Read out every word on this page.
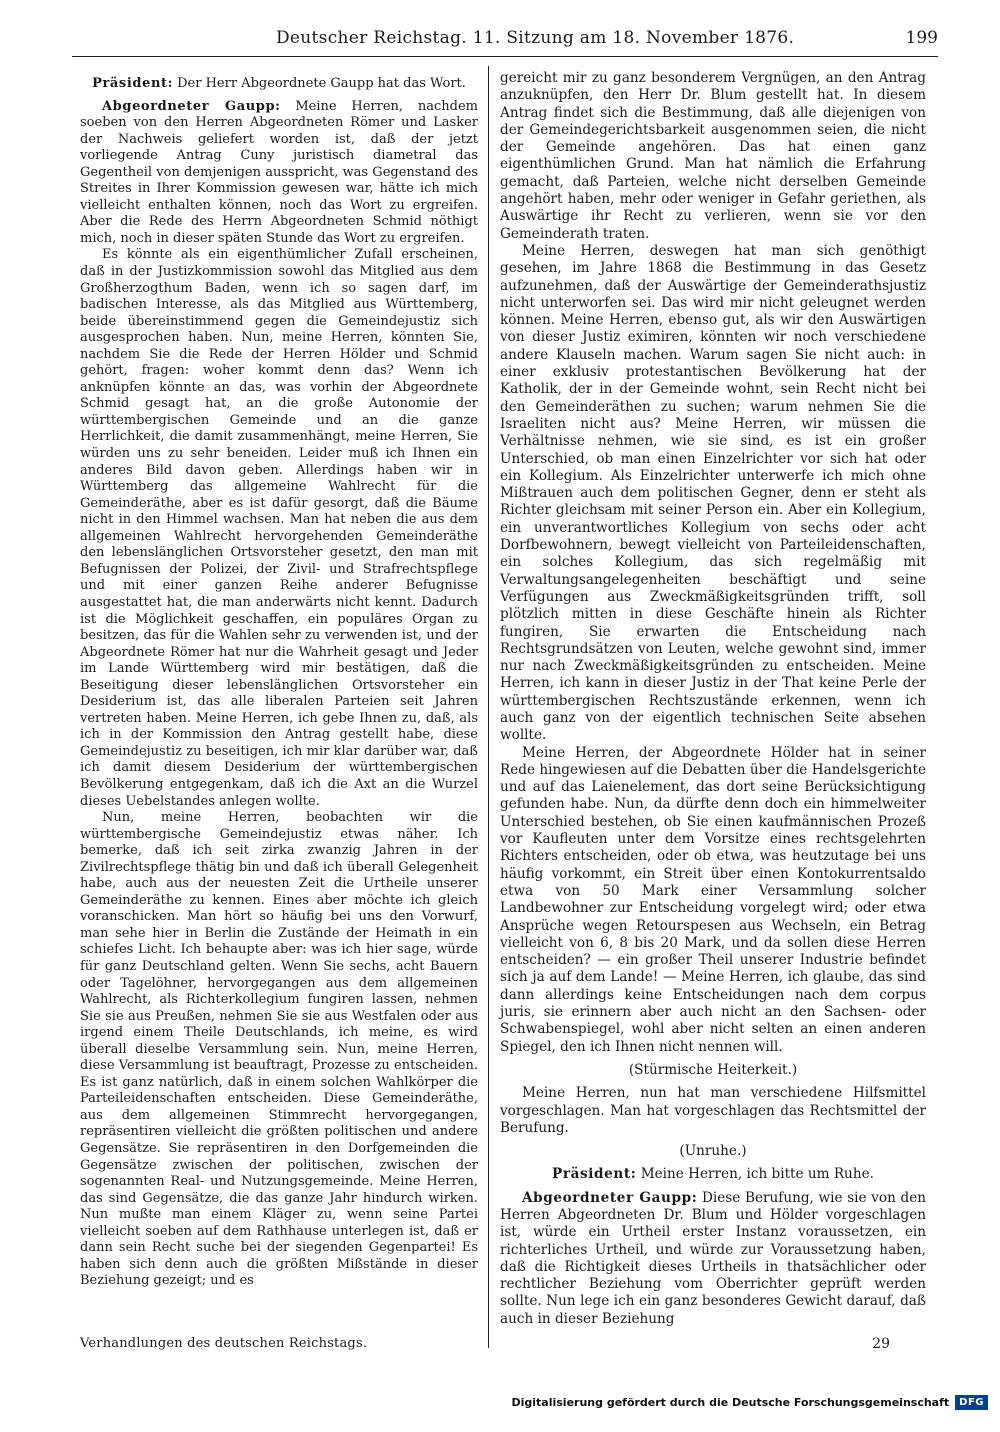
Deutscher Reichstag. 11. Sitzung am 18. November 1876.	199

Präsident: Der Herr Abgeordnete Gaupp hat das Wort.

Abgeordneter Gaupp: Meine Herren, nachdem soeben von den Herren Abgeordneten Römer und Lasker der Nachweis geliefert worden ist, daß der jetzt vorliegende Antrag Cuny juristisch diametral das Gegentheil von demjenigen ausspricht, was Gegenstand des Streites in Ihrer Kommission gewesen war, hätte ich mich vielleicht enthalten können, noch das Wort zu ergreifen. Aber die Rede des Herrn Abgeordneten Schmid nöthigt mich, noch in dieser späten Stunde das Wort zu ergreifen.

Es könnte als ein eigenthümlicher Zufall erscheinen, daß in der Justizkommission sowohl das Mitglied aus dem Großherzogthum Baden, wenn ich so sagen darf, im badischen Interesse, als das Mitglied aus Württemberg, beide übereinstimmend gegen die Gemeindejustiz sich ausgesprochen haben. Nun, meine Herren, könnten Sie, nachdem Sie die Rede der Herren Hölder und Schmid gehört, fragen: woher kommt denn das? Wenn ich anknüpfen könnte an das, was vorhin der Abgeordnete Schmid gesagt hat, an die große Autonomie der württembergischen Gemeinde und an die ganze Herrlichkeit, die damit zusammenhängt, meine Herren, Sie würden uns zu sehr beneiden. Leider muß ich Ihnen ein anderes Bild davon geben. Allerdings haben wir in Württemberg das allgemeine Wahlrecht für die Gemeinderäthe, aber es ist dafür gesorgt, daß die Bäume nicht in den Himmel wachsen. Man hat neben die aus dem allgemeinen Wahlrecht hervorgehenden Gemeinderäthe den lebenslänglichen Ortsvorsteher gesetzt, den man mit Befugnissen der Polizei, der Zivil- und Strafrechtspflege und mit einer ganzen Reihe anderer Befugnisse ausgestattet hat, die man anderwärts nicht kennt. Dadurch ist die Möglichkeit geschaffen, ein populäres Organ zu besitzen, das für die Wahlen sehr zu verwenden ist, und der Abgeordnete Römer hat nur die Wahrheit gesagt und Jeder im Lande Württemberg wird mir bestätigen, daß die Beseitigung dieser lebenslänglichen Ortsvorsteher ein Desiderium ist, das alle liberalen Parteien seit Jahren vertreten haben. Meine Herren, ich gebe Ihnen zu, daß, als ich in der Kommission den Antrag gestellt habe, diese Gemeindejustiz zu beseitigen, ich mir klar darüber war, daß ich damit diesem Desiderium der württembergischen Bevölkerung entgegenkam, daß ich die Axt an die Wurzel dieses Uebelstandes anlegen wollte.

Nun, meine Herren, beobachten wir die württembergische Gemeindejustiz etwas näher. Ich bemerke, daß ich seit zirka zwanzig Jahren in der Zivilrechtspflege thätig bin und daß ich überall Gelegenheit habe, auch aus der neuesten Zeit die Urtheile unserer Gemeinderäthe zu kennen. Eines aber möchte ich gleich voranschicken. Man hört so häufig bei uns den Vorwurf, man sehe hier in Berlin die Zustände der Heimath in ein schiefes Licht. Ich behaupte aber: was ich hier sage, würde für ganz Deutschland gelten. Wenn Sie sechs, acht Bauern oder Tagelöhner, hervorgegangen aus dem allgemeinen Wahlrecht, als Richterkollegium fungiren lassen, nehmen Sie sie aus Preußen, nehmen Sie sie aus Westfalen oder aus irgend einem Theile Deutschlands, ich meine, es wird überall dieselbe Versammlung sein. Nun, meine Herren, diese Versammlung ist beauftragt, Prozesse zu entscheiden. Es ist ganz natürlich, daß in einem solchen Wahlkörper die Parteileidenschaften entscheiden. Diese Gemeinderäthe, aus dem allgemeinen Stimmrecht hervorgegangen, repräsentiren vielleicht die größten politischen und andere Gegensätze. Sie repräsentiren in den Dorfgemeinden die Gegensätze zwischen der politischen, zwischen der sogenannten Real- und Nutzungsgemeinde. Meine Herren, das sind Gegensätze, die das ganze Jahr hindurch wirken. Nun mußte man einem Kläger zu, wenn seine Partei vielleicht soeben auf dem Rathhause unterlegen ist, daß er dann sein Recht suche bei der siegenden Gegenpartei! Es haben sich denn auch die größten Mißstände in dieser Beziehung gezeigt; und es

gereicht mir zu ganz besonderem Vergnügen, an den Antrag anzuknüpfen, den Herr Dr. Blum gestellt hat. In diesem Antrag findet sich die Bestimmung, daß alle diejenigen von der Gemeindegerichtsbarkeit ausgenommen seien, die nicht der Gemeinde angehören. Das hat einen ganz eigenthümlichen Grund. Man hat nämlich die Erfahrung gemacht, daß Parteien, welche nicht derselben Gemeinde angehört haben, mehr oder weniger in Gefahr geriethen, als Auswärtige ihr Recht zu verlieren, wenn sie vor den Gemeinderath traten.

Meine Herren, deswegen hat man sich genöthigt gesehen, im Jahre 1868 die Bestimmung in das Gesetz aufzunehmen, daß der Auswärtige der Gemeinderathsjustiz nicht unterworfen sei. Das wird mir nicht geleugnet werden können. Meine Herren, ebenso gut, als wir den Auswärtigen von dieser Justiz eximiren, könnten wir noch verschiedene andere Klauseln machen. Warum sagen Sie nicht auch: in einer exklusiv protestantischen Bevölkerung hat der Katholik, der in der Gemeinde wohnt, sein Recht nicht bei den Gemeinderäthen zu suchen; warum nehmen Sie die Israeliten nicht aus? Meine Herren, wir müssen die Verhältnisse nehmen, wie sie sind, es ist ein großer Unterschied, ob man einen Einzelrichter vor sich hat oder ein Kollegium. Als Einzelrichter unterwerfe ich mich ohne Mißtrauen auch dem politischen Gegner, denn er steht als Richter gleichsam mit seiner Person ein. Aber ein Kollegium, ein unverantwortliches Kollegium von sechs oder acht Dorfbewohnern, bewegt vielleicht von Parteileidenschaften, ein solches Kollegium, das sich regelmäßig mit Verwaltungsangelegenheiten beschäftigt und seine Verfügungen aus Zweckmäßigkeitsgründen trifft, soll plötzlich mitten in diese Geschäfte hinein als Richter fungiren, Sie erwarten die Entscheidung nach Rechtsgrundsätzen von Leuten, welche gewohnt sind, immer nur nach Zweckmäßigkeitsgründen zu entscheiden. Meine Herren, ich kann in dieser Justiz in der That keine Perle der württembergischen Rechtszustände erkennen, wenn ich auch ganz von der eigentlich technischen Seite absehen wollte.

Meine Herren, der Abgeordnete Hölder hat in seiner Rede hingewiesen auf die Debatten über die Handelsgerichte und auf das Laienelement, das dort seine Berücksichtigung gefunden habe. Nun, da dürfte denn doch ein himmelweiter Unterschied bestehen, ob Sie einen kaufmännischen Prozeß vor Kaufleuten unter dem Vorsitze eines rechtsgelehrten Richters entscheiden, oder ob etwa, was heutzutage bei uns häufig vorkommt, ein Streit über einen Kontokurrentsaldo etwa von 50 Mark einer Versammlung solcher Landbewohner zur Entscheidung vorgelegt wird; oder etwa Ansprüche wegen Retourspesen aus Wechseln, ein Betrag vielleicht von 6, 8 bis 20 Mark, und da sollen diese Herren entscheiden? — ein großer Theil unserer Industrie befindet sich ja auf dem Lande! — Meine Herren, ich glaube, das sind dann allerdings keine Entscheidungen nach dem corpus juris, sie erinnern aber auch nicht an den Sachsen- oder Schwabenspiegel, wohl aber nicht selten an einen anderen Spiegel, den ich Ihnen nicht nennen will.

(Stürmische Heiterkeit.)

Meine Herren, nun hat man verschiedene Hilfsmittel vorgeschlagen. Man hat vorgeschlagen das Rechtsmittel der Berufung.

(Unruhe.)

Präsident: Meine Herren, ich bitte um Ruhe.

Abgeordneter Gaupp: Diese Berufung, wie sie von den Herren Abgeordneten Dr. Blum und Hölder vorgeschlagen ist, würde ein Urtheil erster Instanz voraussetzen, ein richterliches Urtheil, und würde zur Voraussetzung haben, daß die Richtigkeit dieses Urtheils in thatsächlicher oder rechtlicher Beziehung vom Oberrichter geprüft werden sollte. Nun lege ich ein ganz besonderes Gewicht darauf, daß auch in dieser Beziehung

Verhandlungen des deutschen Reichstags.	29
Digitalisierung gefördert durch die Deutsche Forschungsgemeinschaft	DFG
